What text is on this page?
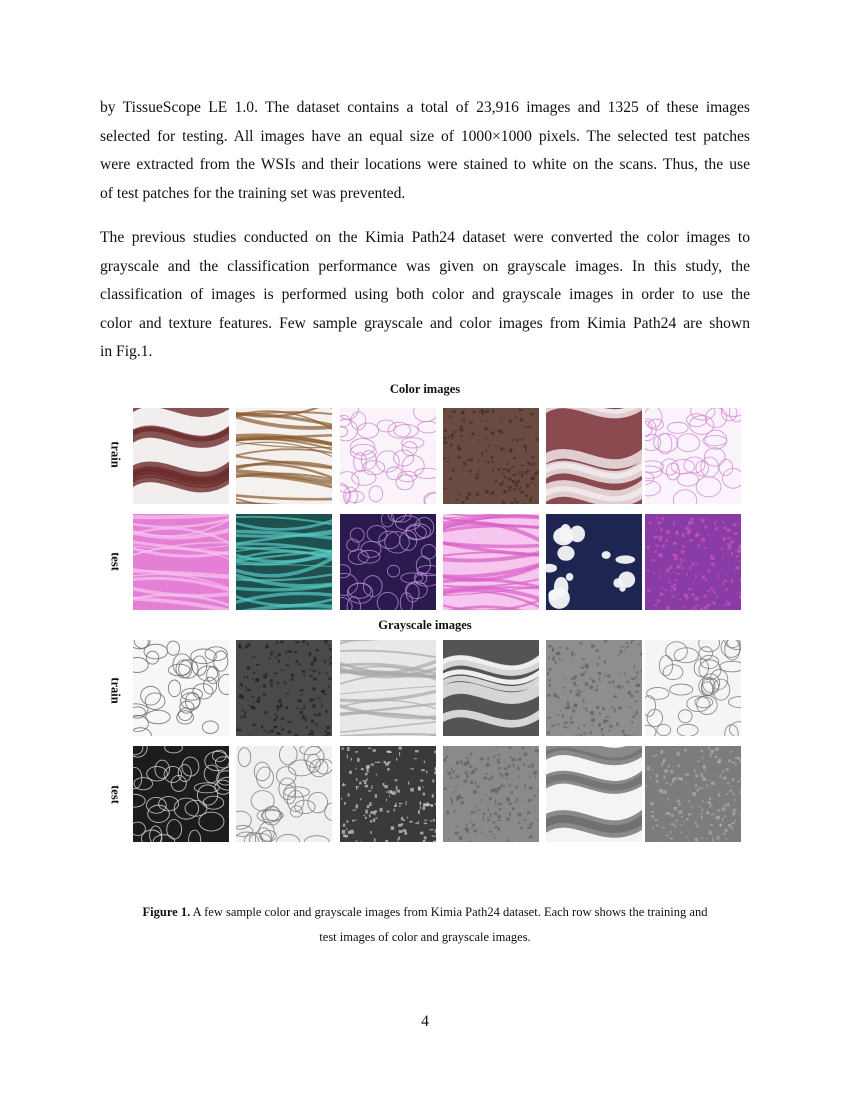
by TissueScope LE 1.0. The dataset contains a total of 23,916 images and 1325 of these images
selected for testing. All images have an equal size of 1000×1000 pixels. The selected test patches
were extracted from the WSIs and their locations were stained to white on the scans. Thus, the use
of test patches for the training set was prevented.
The previous studies conducted on the Kimia Path24 dataset were converted the color images to
grayscale and the classification performance was given on grayscale images. In this study, the
classification of images is performed using both color and grayscale images in order to use the
color and texture features. Few sample grayscale and color images from Kimia Path24 are shown
in Fig.1.
Color images
Grayscale images
train
test
train
test
Figure 1. A few sample color and grayscale images from Kimia Path24 dataset. Each row shows the training and
test images of color and grayscale images.
4
